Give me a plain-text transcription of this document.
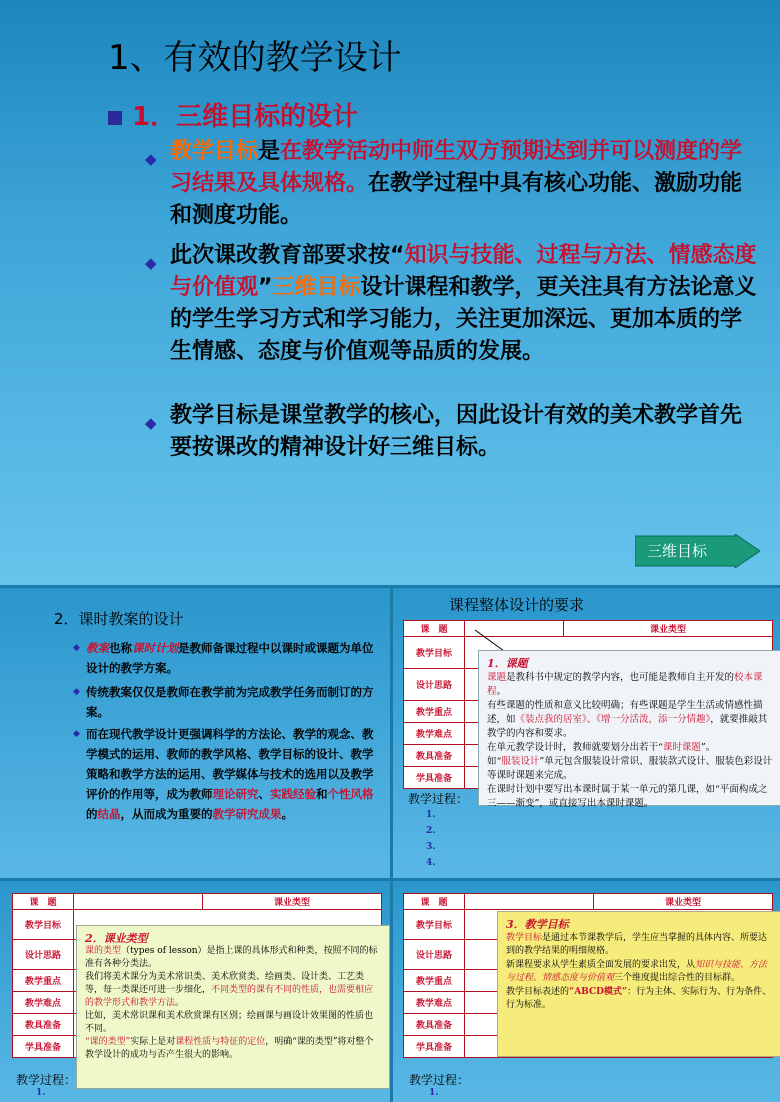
1、有效的教学设计
1．三维目标的设计
◆ 教学目标是在教学活动中师生双方预期达到并可以测度的学习结果及具体规格。在教学过程中具有核心功能、激励功能和测度功能。
◆ 此次课改教育部要求按“知识与技能、过程与方法、情感态度与价值观”三维目标设计课程和教学，更关注具有方法论意义的学生学习方式和学习能力，关注更加深远、更加本质的学生情感、态度与价值观等品质的发展。
◆ 教学目标是课堂教学的核心，因此设计有效的美术教学首先要按课改的精神设计好三维目标。
三维目标
2．课时教案的设计
◆ 教案也称课时计划是教师备课过程中以课时或课题为单位设计的教学方案。
◆ 传统教案仅仅是教师在教学前为完成教学任务而制订的方案。
◆ 而在现代教学设计更强调科学的方法论、教学的观念、教学模式的运用、教师的教学风格、教学目标的设计、教学策略和教学方法的运用、教学媒体与技术的选用以及教学评价的作用等，成为教师理论研究、实践经验和个性风格的结晶，从而成为重要的教学研究成果。
课程整体设计的要求
课　题		课业类型
教学目标		
设计思路		
教学重点		
教学难点		
教具准备		
学具准备		
1．课题
课题是教科书中规定的教学内容，也可能是教师自主开发的校本课程。
有些课题的性质和意义比较明确；有些课题是学生生活或情感性描述，如《装点我的居室》、《增一分活泼，添一分情趣》，就要推敲其教学的内容和要求。
在单元教学设计时，教师就要划分出若干“课时课题”。
如“服装设计”单元包含服装设计常识、服装款式设计、服装色彩设计等课时课题来完成。
在课时计划中要写出本课时属于某一单元的第几课，如“平面构成之三——渐变”，或直接写出本课时课题。
教学过程：
1.
2.
3.
4.
课　题		课业类型
教学目标		
设计思路		
教学重点		
教学难点		
教具准备		
学具准备		
2．课业类型
课的类型（types of lesson）是指上课的具体形式和种类，按照不同的标准有各种分类法。
我们将美术课分为美术常识类、美术欣赏类、绘画类、设计类、工艺类等，每一类课还可进一步细化，不同类型的课有不同的性质，也需要相应的教学形式和教学方法。
比如，美术常识课和美术欣赏课有区别；绘画课与画设计效果图的性质也不同。
“课的类型”实际上是对课程性质与特征的定位，明确“课的类型”将对整个教学设计的成功与否产生很大的影响。
教学过程：
1.
课　题		课业类型
教学目标		
设计思路		
教学重点		
教学难点		
教具准备		
学具准备		
3．教学目标
教学目标是通过本节课教学后，学生应当掌握的具体内容、所要达到的教学结果的明细规格。
新课程要求从学生素质全面发展的要求出发，从知识与技能、方法与过程、情感态度与价值观三个维度提出综合性的目标群。
教学目标表述的“ABCD模式”：行为主体、实际行为、行为条件、行为标准。
教学过程：
1.
